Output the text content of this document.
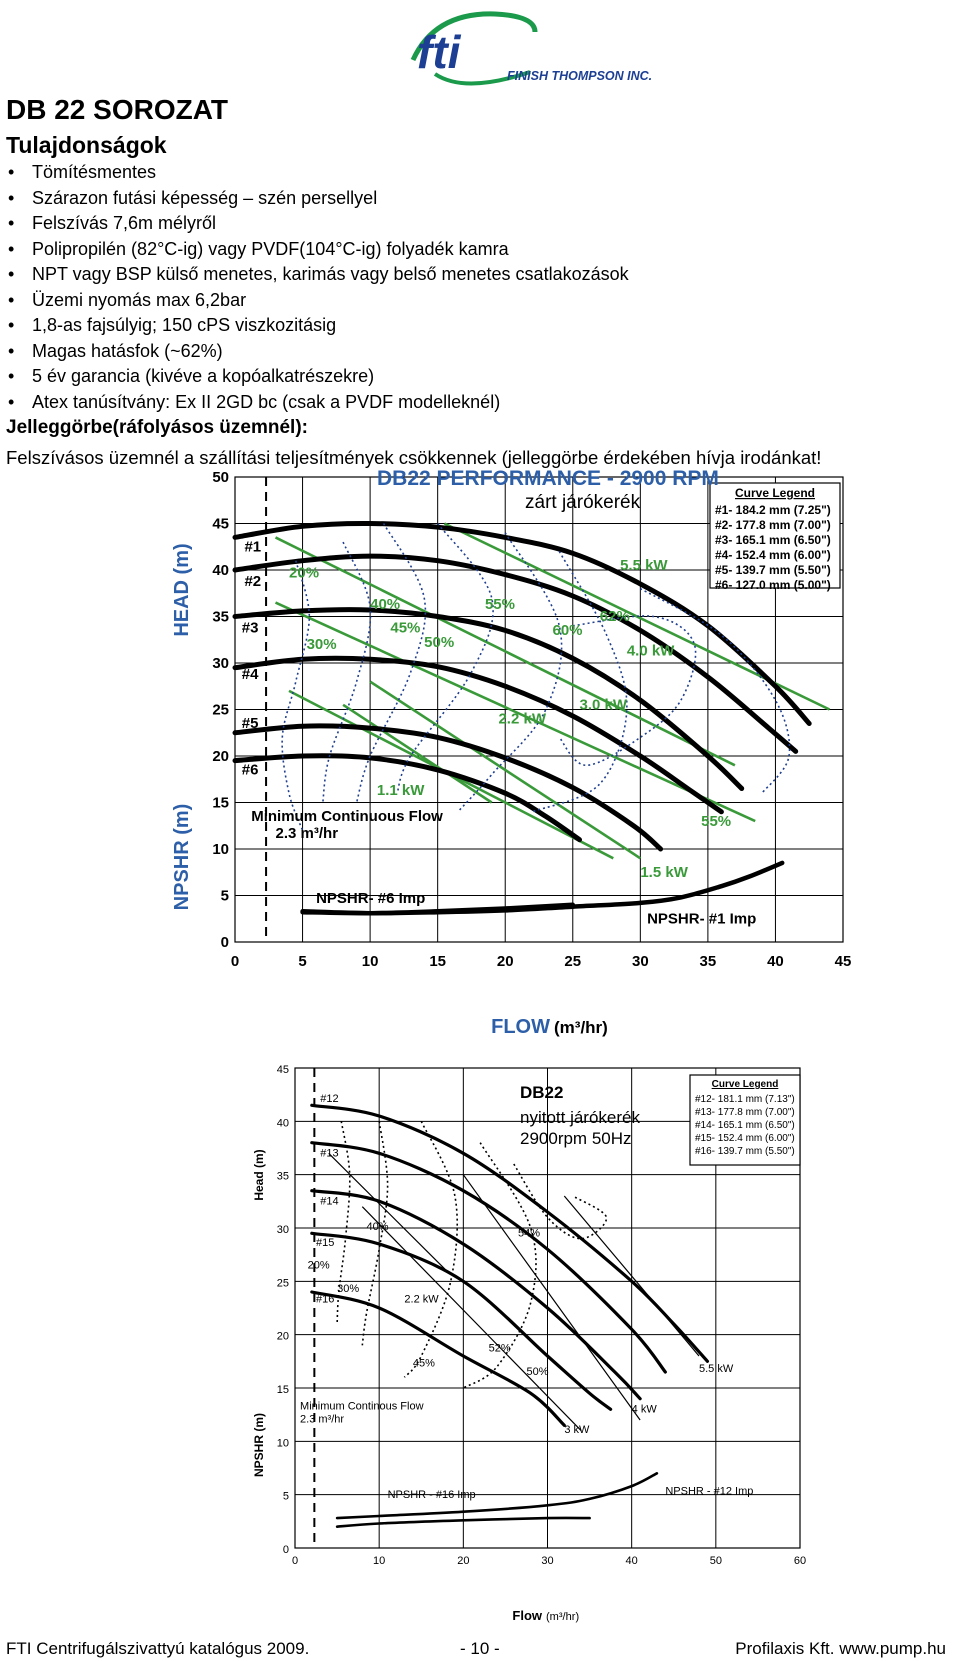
fti	FINISH THOMPSON INC.
DB 22 SOROZAT
Tulajdonságok
• Tömítésmentes
• Szárazon futási képesség – szén persellyel
• Felszívás 7,6m mélyről
• Polipropilén (82°C-ig) vagy PVDF(104°C-ig) folyadék kamra
• NPT vagy BSP külső menetes, karimás vagy belső menetes csatlakozások
• Üzemi nyomás max 6,2bar
• 1,8-as fajsúlyig; 150 cPS viszkozitásig
• Magas hatásfok (~62%)
• 5 év garancia (kivéve a kopóalkatrészekre)
• Atex tanúsítvány: Ex II 2GD bc (csak a PVDF modelleknél)
Jelleggörbe(ráfolyásos üzemnél):
Felszívásos üzemnél a szállítási teljesítmények csökkennek (jelleggörbe érdekében hívja irodánkat!
0	5	10	15	20	25	30	35	40	45
0
5
10
15
20
25
30
35
40
45
50
#1
#2
#3
#4
#5
#6
NPSHR- #6 Imp
NPSHR- #1 Imp
5.5 kW
4.0 kW
3.0 kW
2.2 kW
1.1 kW
1.5 kW
20%
30%
40%
45%
50%
55%
60%
62%
55%
Minimum Continuous Flow
2.3 m³/hr
FLOW (m³/hr)
HEAD (m)
NPSHR (m)
Curve Legend
#1- 184.2 mm (7.25")
#2- 177.8 mm (7.00")
#3- 165.1 mm (6.50")
#4- 152.4 mm (6.00")
#5- 139.7 mm (5.50")
#6- 127.0 mm (5.00")
DB22 PERFORMANCE - 2900 RPM
zárt járókerék
0	10	20	30	40	50	60
0
5
10
15
20
25
30
35
40
45
#12
#13
#14
#15
#16
NPSHR - #16 Imp	NPSHR - #12 Imp
5.5 kW
4 kW
3 kW
2.2 kW
20%
30%
40%
45%
50%
52%
54%
Minimum Continous Flow
2.3 m³/hr
Flow (m³/hr)
Head (m)
NPSHR (m)
Curve Legend
#12- 181.1 mm (7.13")
#13- 177.8 mm (7.00")
#14- 165.1 mm (6.50")
#15- 152.4 mm (6.00")
#16- 139.7 mm (5.50")
DB22
nyitott járókerék
2900rpm 50Hz
FTI Centrifugálszivattyú katalógus 2009.	- 10 -	Profilaxis Kft. www.pump.hu
